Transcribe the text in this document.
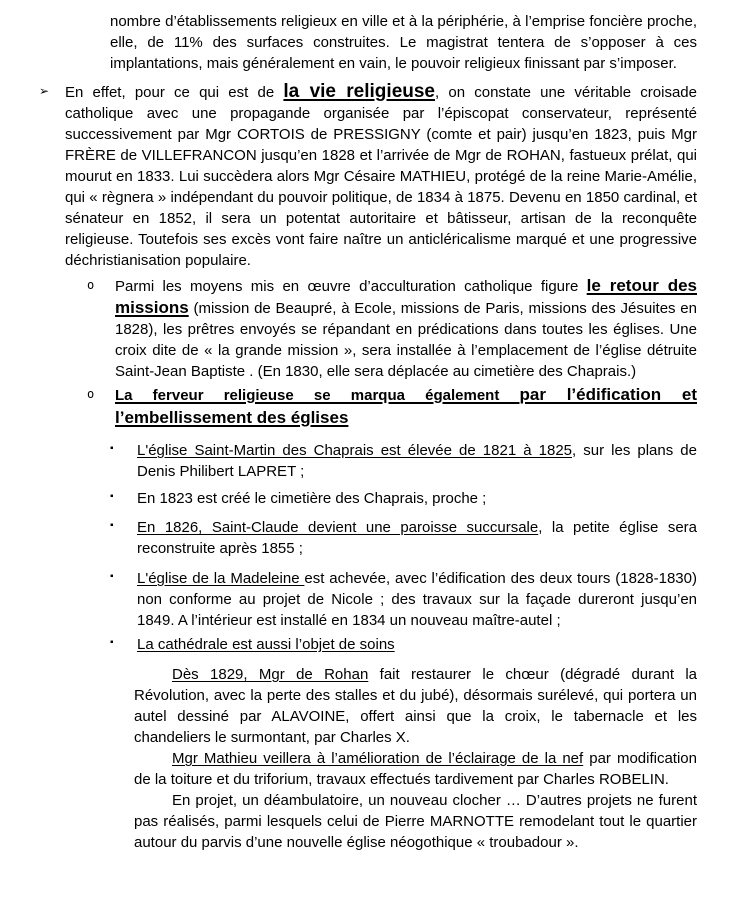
nombre d’établissements religieux en ville et à la périphérie, à l’emprise foncière proche, elle, de 11% des surfaces construites. Le magistrat tentera de s’opposer à ces implantations, mais généralement en vain, le pouvoir religieux finissant par s’imposer.

➢ En effet, pour ce qui est de la vie religieuse, on constate une véritable croisade catholique avec une propagande organisée par l’épiscopat conservateur, représenté successivement par Mgr CORTOIS de PRESSIGNY (comte et pair) jusqu’en 1823, puis Mgr FRÈRE de VILLEFRANCON jusqu’en 1828 et l’arrivée de Mgr de ROHAN, fastueux prélat, qui mourut en 1833. Lui succèdera alors Mgr Césaire MATHIEU, protégé de la reine Marie-Amélie, qui « règnera » indépendant du pouvoir politique, de 1834 à 1875. Devenu en 1850 cardinal, et sénateur en 1852, il sera un potentat autoritaire et bâtisseur, artisan de la reconquête religieuse. Toutefois ses excès vont faire naître un anticléricalisme marqué et une progressive déchristianisation populaire.
o Parmi les moyens mis en œuvre d’acculturation catholique figure le retour des missions (mission de Beaupré, à Ecole, missions de Paris, missions des Jésuites en 1828), les prêtres envoyés se répandant en prédications dans toutes les églises. Une croix dite de « la grande mission », sera installée à l’emplacement de l’église détruite Saint-Jean Baptiste . (En 1830, elle sera déplacée au cimetière des Chaprais.)
o La ferveur religieuse se marqua également par l’édification et l’embellissement des églises
▪ L'église Saint-Martin des Chaprais est élevée de 1821 à 1825, sur les plans de Denis Philibert LAPRET ;
▪ En 1823 est créé le cimetière des Chaprais, proche ;
▪ En 1826, Saint-Claude devient une paroisse succursale, la petite église sera reconstruite après 1855 ;
▪ L'église de la Madeleine est achevée, avec l’édification des deux tours (1828-1830) non conforme au projet de Nicole ; des travaux sur la façade dureront jusqu’en 1849. A l’intérieur est installé en 1834 un nouveau maître-autel ;
▪ La cathédrale est aussi l’objet de soins

Dès 1829, Mgr de Rohan fait restaurer le chœur (dégradé durant la Révolution, avec la perte des stalles et du jubé), désormais surélevé, qui portera un autel dessiné par ALAVOINE, offert ainsi que la croix, le tabernacle et les chandeliers le surmontant, par Charles X.

Mgr Mathieu veillera à l’amélioration de l’éclairage de la nef par modification de la toiture et du triforium, travaux effectués tardivement par Charles ROBELIN.

En projet, un déambulatoire, un nouveau clocher … D’autres projets ne furent pas réalisés, parmi lesquels celui de Pierre MARNOTTE remodelant tout le quartier autour du parvis d’une nouvelle église néogothique « troubadour ».
